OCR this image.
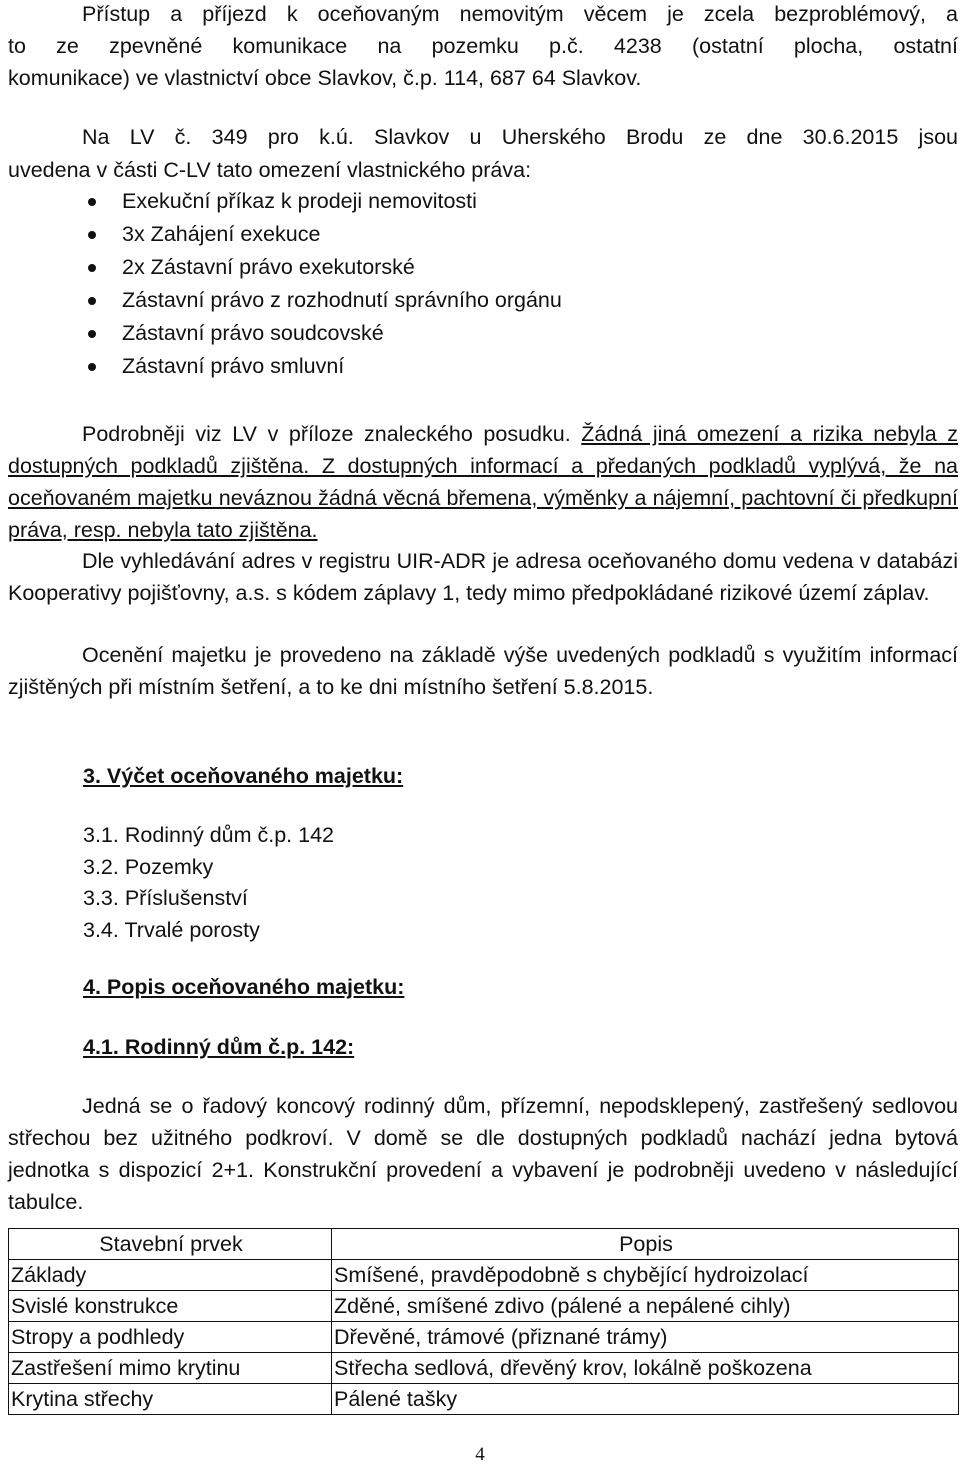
Přístup a příjezd k oceňovaným nemovitým věcem je zcela bezproblémový, a

to ze zpevněné komunikace na pozemku p.č. 4238 (ostatní plocha, ostatní

komunikace) ve vlastnictví obce Slavkov, č.p. 114, 687 64 Slavkov.

Na LV č. 349 pro k.ú. Slavkov u Uherského Brodu ze dne 30.6.2015 jsou

uvedena v části C-LV tato omezení vlastnického práva:

Exekuční příkaz k prodeji nemovitosti
3x Zahájení exekuce
2x Zástavní právo exekutorské
Zástavní právo z rozhodnutí správního orgánu
Zástavní právo soudcovské
Zástavní právo smluvní

Podrobněji viz LV v příloze znaleckého posudku. Žádná jiná omezení a rizika nebyla z dostupných podkladů zjištěna. Z dostupných informací a předaných podkladů vyplývá, že na oceňovaném majetku neváznou žádná věcná břemena, výměnky a nájemní, pachtovní či předkupní práva, resp. nebyla tato zjištěna.

Dle vyhledávání adres v registru UIR-ADR je adresa oceňovaného domu vedena v databázi Kooperativy pojišťovny, a.s. s kódem záplavy 1, tedy mimo předpokládané rizikové území záplav.

Ocenění majetku je provedeno na základě výše uvedených podkladů s využitím informací zjištěných při místním šetření, a to ke dni místního šetření 5.8.2015.

3. Výčet oceňovaného majetku:
3.1. Rodinný dům č.p. 142
3.2. Pozemky
3.3. Příslušenství
3.4. Trvalé porosty
4. Popis oceňovaného majetku:
4.1. Rodinný dům č.p. 142:

Jedná se o řadový koncový rodinný dům, přízemní, nepodsklepený, zastřešený sedlovou střechou bez užitného podkroví. V domě se dle dostupných podkladů nachází jedna bytová jednotka s dispozicí 2+1. Konstrukční provedení a vybavení je podrobněji uvedeno v následující tabulce.

Stavební prvek	Popis
Základy	Smíšené, pravděpodobně s chybějící hydroizolací
Svislé konstrukce	Zděné, smíšené zdivo (pálené a nepálené cihly)
Stropy a podhledy	Dřevěné, trámové (přiznané trámy)
Zastřešení mimo krytinu	Střecha sedlová, dřevěný krov, lokálně poškozena
Krytina střechy	Pálené tašky
4
